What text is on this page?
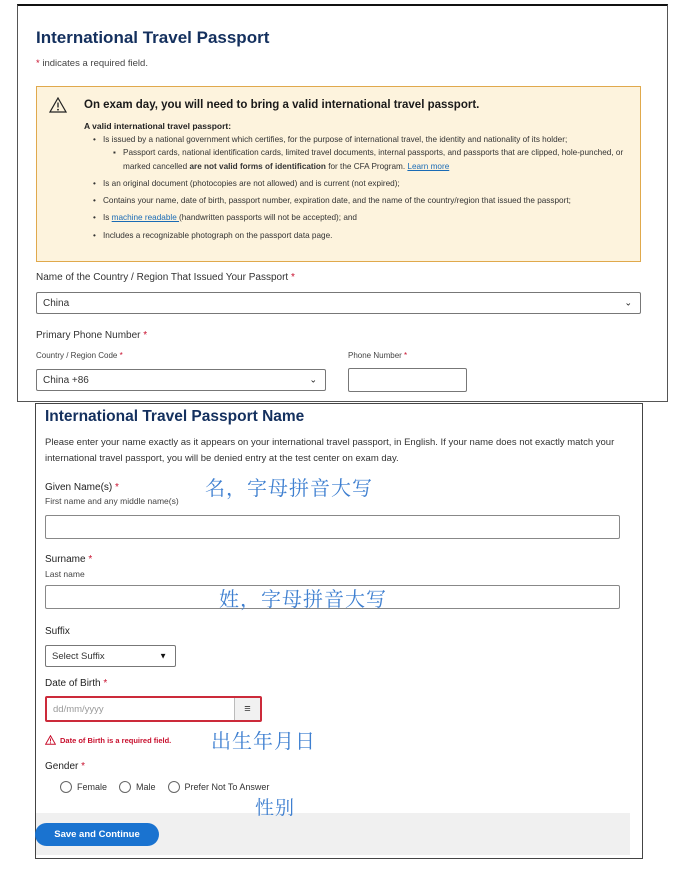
International Travel Passport
* indicates a required field.
On exam day, you will need to bring a valid international travel passport.
A valid international travel passport:
• Is issued by a national government which certifies, for the purpose of international travel, the identity and nationality of its holder;
▪ Passport cards, national identification cards, limited travel documents, internal passports, and passports that are clipped, hole-punched, or marked cancelled are not valid forms of identification for the CFA Program. Learn more
• Is an original document (photocopies are not allowed) and is current (not expired);
• Contains your name, date of birth, passport number, expiration date, and the name of the country/region that issued the passport;
• Is machine readable (handwritten passports will not be accepted); and
• Includes a recognizable photograph on the passport data page.
Name of the Country / Region That Issued Your Passport *
China	⌄
Primary Phone Number *
Country / Region Code *
China +86	⌄
Phone Number *
International Travel Passport Name
Please enter your name exactly as it appears on your international travel passport, in English. If your name does not exactly match your international travel passport, you will be denied entry at the test center on exam day.
Given Name(s) *
First name and any middle name(s)
Surname *
Last name
Suffix
Select Suffix	▼
Date of Birth *
dd/mm/yyyy	≡
Date of Birth is a required field.
Gender *
Female	Male	Prefer Not To Answer
Save and Continue
名，字母拼音大写
姓，字母拼音大写
出生年月日
性别
